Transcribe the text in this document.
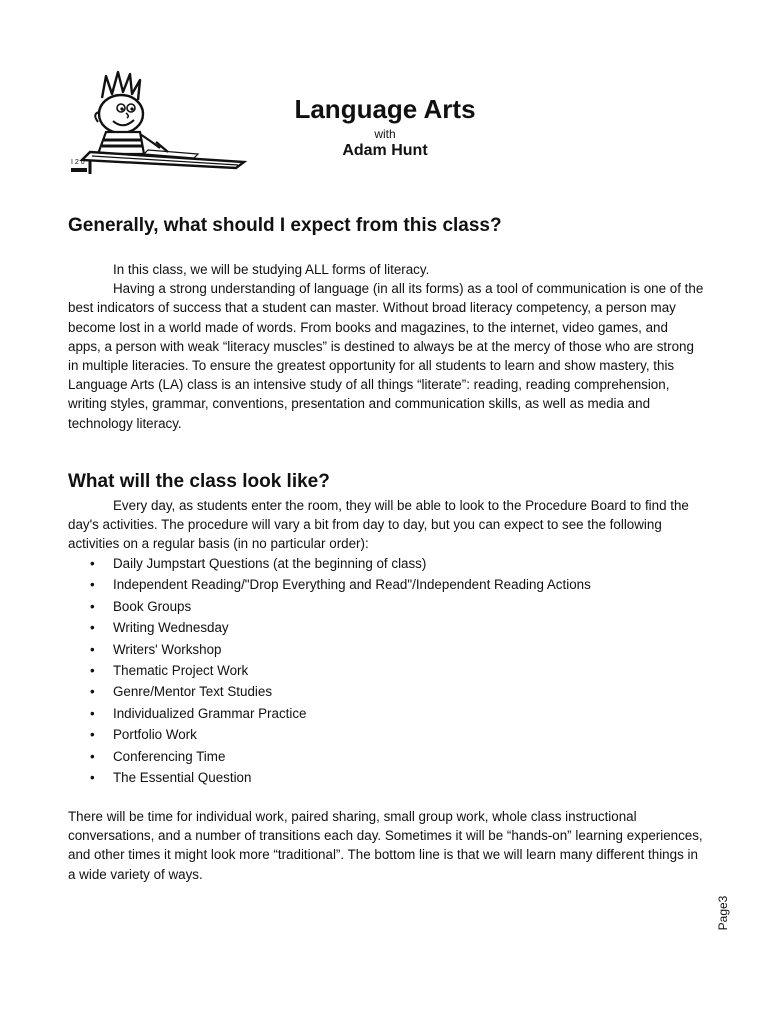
I 2 0
Language Arts
with
Adam Hunt
Generally, what should I expect from this class?

In this class, we will be studying ALL forms of literacy.

Having a strong understanding of language (in all its forms) as a tool of communication is one of the best indicators of success that a student can master. Without broad literacy competency, a person may become lost in a world made of words. From books and magazines, to the internet, video games, and apps, a person with weak “literacy muscles” is destined to always be at the mercy of those who are strong in multiple literacies. To ensure the greatest opportunity for all students to learn and show mastery, this Language Arts (LA) class is an intensive study of all things “literate”: reading, reading comprehension, writing styles, grammar, conventions, presentation and communication skills, as well as media and technology literacy.

What will the class look like?

Every day, as students enter the room, they will be able to look to the Procedure Board to find the day's activities. The procedure will vary a bit from day to day, but you can expect to see the following activities on a regular basis (in no particular order):

• Daily Jumpstart Questions (at the beginning of class)
• Independent Reading/"Drop Everything and Read"/Independent Reading Actions
• Book Groups
• Writing Wednesday
• Writers' Workshop
• Thematic Project Work
• Genre/Mentor Text Studies
• Individualized Grammar Practice
• Portfolio Work
• Conferencing Time
• The Essential Question

There will be time for individual work, paired sharing, small group work, whole class instructional conversations, and a number of transitions each day. Sometimes it will be “hands-on” learning experiences, and other times it might look more “traditional”. The bottom line is that we will learn many different things in a wide variety of ways.

Page3
